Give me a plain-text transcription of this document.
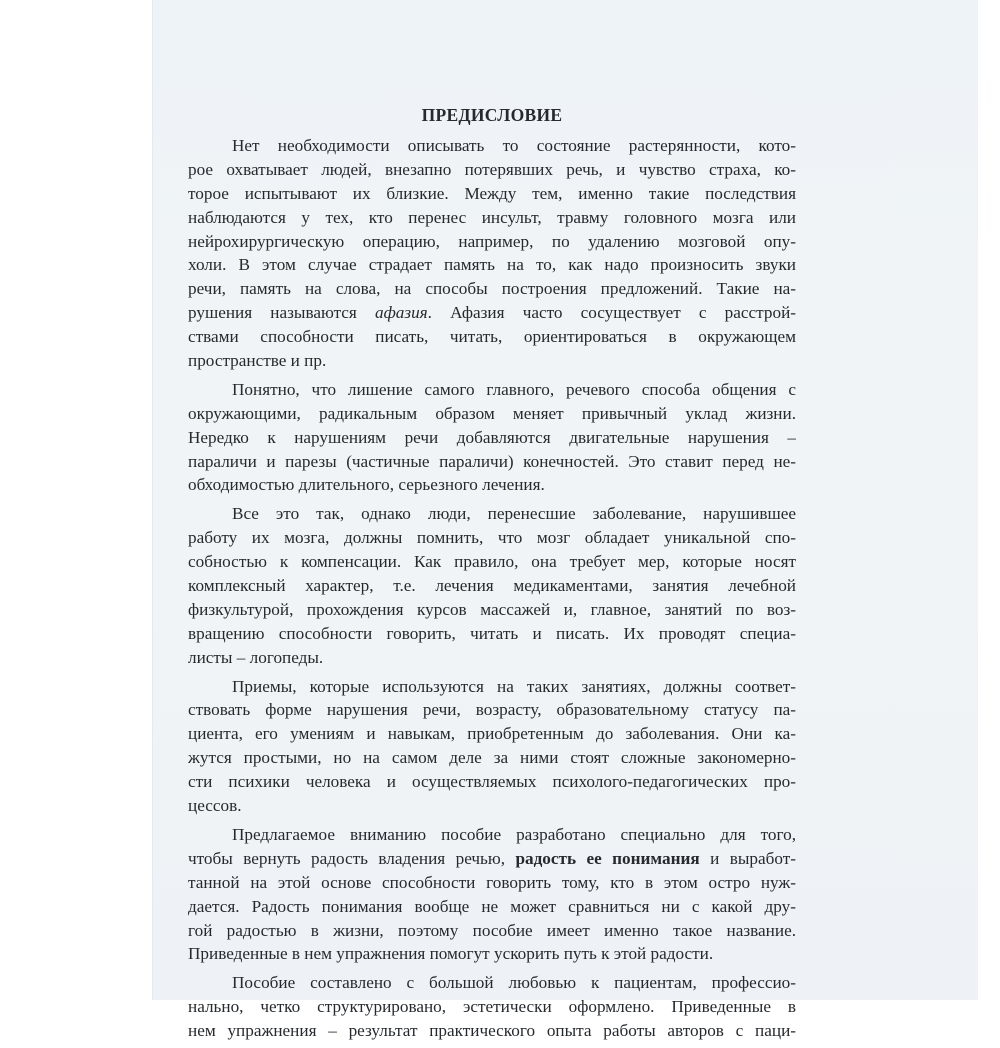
ПРЕДИСЛОВИЕ
Нет необходимости описывать то состояние растерянности, кото-
рое охватывает людей, внезапно потерявших речь, и чувство страха, ко-
торое испытывают их близкие. Между тем, именно такие последствия
наблюдаются у тех, кто перенес инсульт, травму головного мозга или
нейрохирургическую операцию, например, по удалению мозговой опу-
холи. В этом случае страдает память на то, как надо произносить звуки
речи, память на слова, на способы построения предложений. Такие на-
рушения называются афазия. Афазия часто сосуществует с расстрой-
ствами способности писать, читать, ориентироваться в окружающем
пространстве и пр.
Понятно, что лишение самого главного, речевого способа общения с
окружающими, радикальным образом меняет привычный уклад жизни.
Нередко к нарушениям речи добавляются двигательные нарушения –
параличи и парезы (частичные параличи) конечностей. Это ставит перед не-
обходимостью длительного, серьезного лечения.
Все это так, однако люди, перенесшие заболевание, нарушившее
работу их мозга, должны помнить, что мозг обладает уникальной спо-
собностью к компенсации. Как правило, она требует мер, которые носят
комплексный характер, т.е. лечения медикаментами, занятия лечебной
физкультурой, прохождения курсов массажей и, главное, занятий по воз-
вращению способности говорить, читать и писать. Их проводят специа-
листы – логопеды.
Приемы, которые используются на таких занятиях, должны соответ-
ствовать форме нарушения речи, возрасту, образовательному статусу па-
циента, его умениям и навыкам, приобретенным до заболевания. Они ка-
жутся простыми, но на самом деле за ними стоят сложные закономерно-
сти психики человека и осуществляемых психолого-педагогических про-
цессов.
Предлагаемое вниманию пособие разработано специально для того,
чтобы вернуть радость владения речью, радость ее понимания и выработ-
танной на этой основе способности говорить тому, кто в этом остро нуж-
дается. Радость понимания вообще не может сравниться ни с какой дру-
гой радостью в жизни, поэтому пособие имеет именно такое название.
Приведенные в нем упражнения помогут ускорить путь к этой радости.
Пособие составлено с большой любовью к пациентам, профессио-
нально, четко структурировано, эстетически оформлено. Приведенные в
нем упражнения – результат практического опыта работы авторов с паци-
